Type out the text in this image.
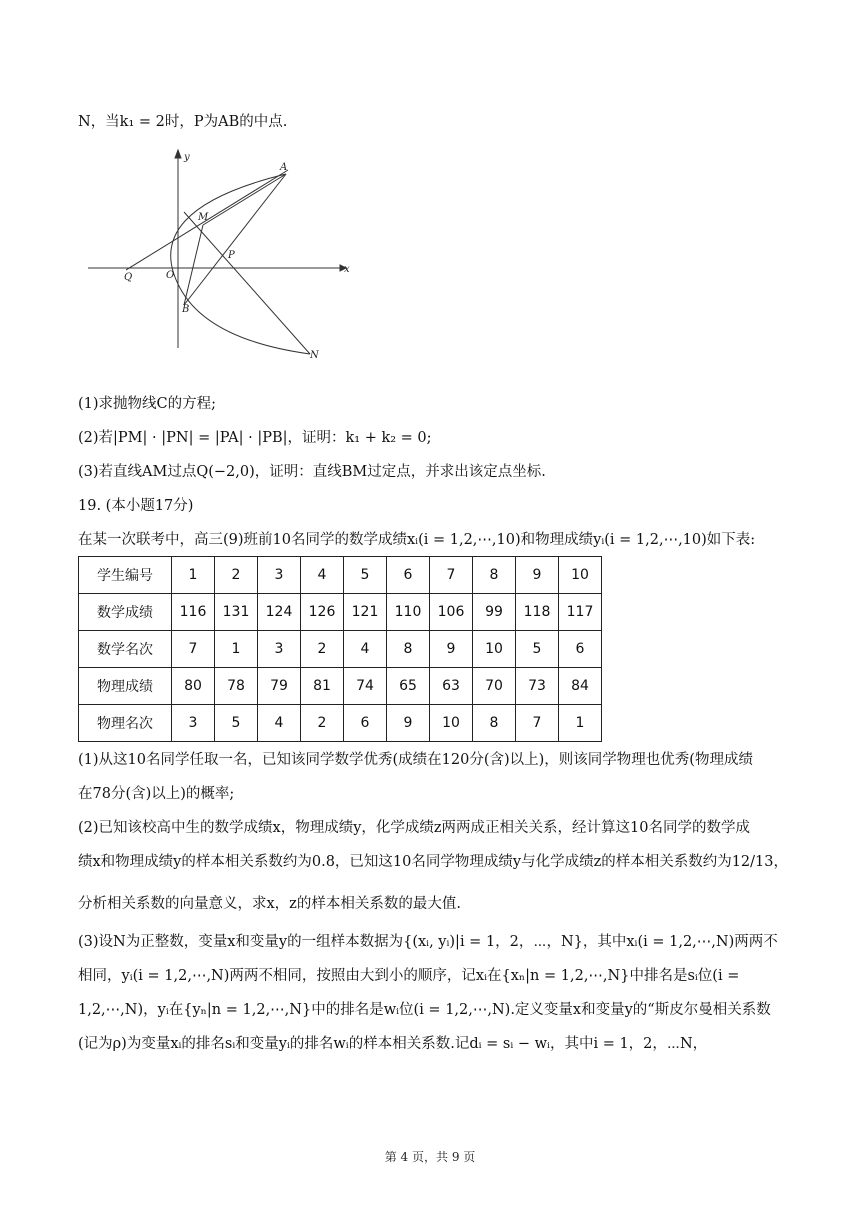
N，当k₁ = 2时，P为AB的中点.
y
x
A
M
P
Q	O
B
N
(1)求抛物线C的方程;
(2)若|PM| · |PN| = |PA| · |PB|，证明：k₁ + k₂ = 0;
(3)若直线AM过点Q(−2,0)，证明：直线BM过定点，并求出该定点坐标.
19. (本小题17分)
在某一次联考中，高三(9)班前10名同学的数学成绩xᵢ(i = 1,2,⋯,10)和物理成绩yᵢ(i = 1,2,⋯,10)如下表:
学生编号	1	2	3	4	5	6	7	8	9	10
数学成绩	116	131	124	126	121	110	106	99	118	117
数学名次	7	1	3	2	4	8	9	10	5	6
物理成绩	80	78	79	81	74	65	63	70	73	84
物理名次	3	5	4	2	6	9	10	8	7	1
(1)从这10名同学任取一名，已知该同学数学优秀(成绩在120分(含)以上)，则该同学物理也优秀(物理成绩
在78分(含)以上)的概率;
(2)已知该校高中生的数学成绩x，物理成绩y，化学成绩z两两成正相关关系，经计算这10名同学的数学成
绩x和物理成绩y的样本相关系数约为0.8，已知这10名同学物理成绩y与化学成绩z的样本相关系数约为12/13，
分析相关系数的向量意义，求x，z的样本相关系数的最大值.
(3)设N为正整数，变量x和变量y的一组样本数据为{(xᵢ, yᵢ)|i = 1，2，⋯，N}，其中xᵢ(i = 1,2,⋯,N)两两不
相同，yᵢ(i = 1,2,⋯,N)两两不相同，按照由大到小的顺序，记xᵢ在{xₙ|n = 1,2,⋯,N}中排名是sᵢ位(i =
1,2,⋯,N)，yᵢ在{yₙ|n = 1,2,⋯,N}中的排名是wᵢ位(i = 1,2,⋯,N).定义变量x和变量y的“斯皮尔曼相关系数
(记为ρ)为变量xᵢ的排名sᵢ和变量yᵢ的排名wᵢ的样本相关系数.记dᵢ = sᵢ − wᵢ，其中i = 1，2，⋯N，
第 4 页，共 9 页
